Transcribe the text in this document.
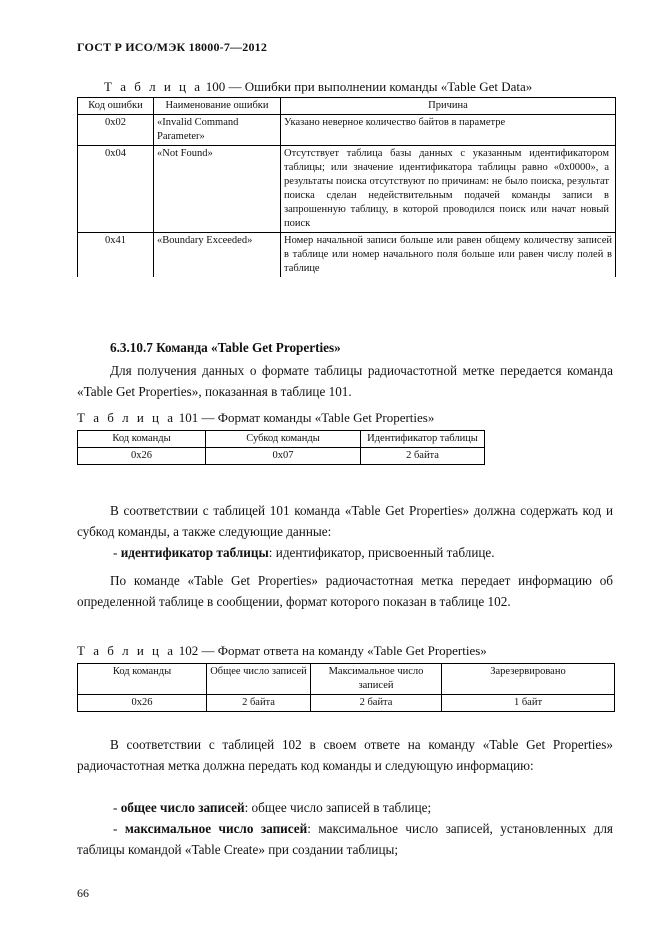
ГОСТ Р ИСО/МЭК 18000-7—2012
Т а б л и ц а 100 — Ошибки при выполнении команды «Table Get Data»
Код ошибки	Наименование ошибки	Причина
0x02	«Invalid Command Parameter»	Указано неверное количество байтов в параметре
0x04	«Not Found»	Отсутствует таблица базы данных с указанным идентификатором таблицы; или значение идентификатора таблицы равно «0x0000», а результаты поиска отсутствуют по причинам: не было поиска, результат поиска сделан недействительным подачей команды записи в запрошенную таблицу, в которой проводился поиск или начат новый поиск
0x41	«Boundary Exceeded»	Номер начальной записи больше или равен общему количеству записей в таблице или номер начального поля больше или равен числу полей в таблице
6.3.10.7 Команда «Table Get Properties»
Для получения данных о формате таблицы радиочастотной метке передается команда «Table Get Properties», показанная в таблице 101.
Т а б л и ц а 101 — Формат команды «Table Get Properties»
Код команды	Субкод команды	Идентификатор таблицы
0x26	0x07	2 байта
В соответствии с таблицей 101 команда «Table Get Properties» должна содержать код и субкод команды, а также следующие данные:
- идентификатор таблицы: идентификатор, присвоенный таблице.
По команде «Table Get Properties» радиочастотная метка передает информацию об определенной таблице в сообщении, формат которого показан в таблице 102.
Т а б л и ц а 102 — Формат ответа на команду «Table Get Properties»
Код команды	Общее число записей	Максимальное число записей	Зарезервировано
0x26	2 байта	2 байта	1 байт
В соответствии с таблицей 102 в своем ответе на команду «Table Get Properties» радиочастотная метка должна передать код команды и следующую информацию:
- общее число записей: общее число записей в таблице;
- максимальное число записей: максимальное число записей, установленных для таблицы командой «Table Create» при создании таблицы;
66
